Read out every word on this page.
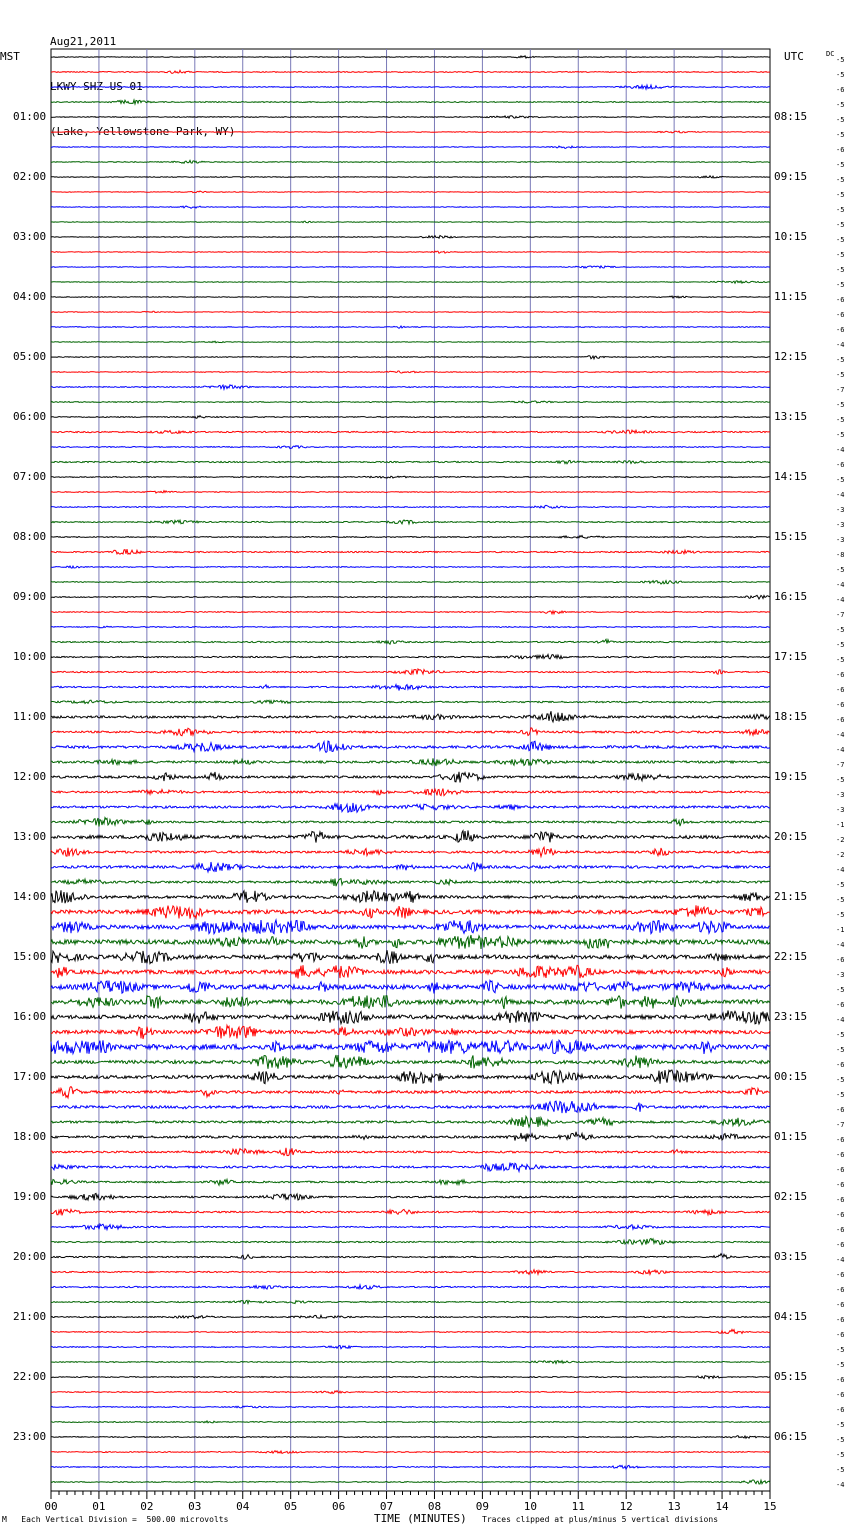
Aug21,2011

LKWY SHZ US 01

(Lake, Yellowstone Park, WY)

MST	UTC	DC
00	01	02	03	04	05	06	07	08	09	10	11	12	13	14	15
01:00
02:00
03:00
04:00
05:00
06:00
07:00
08:00
09:00
10:00
11:00
12:00
13:00
14:00
15:00
16:00
17:00
18:00
19:00
20:00
21:00
22:00
23:00
08:15
09:15
10:15
11:15
12:15
13:15
14:15
15:15
16:15
17:15
18:15
19:15
20:15
21:15
22:15
23:15
00:15
01:15
02:15
03:15
04:15
05:15
06:15
-5
-5
-6
-5
-5
-5
-6
-5
-5
-5
-5
-5
-5
-5
-5
-5
-6
-6
-6
-4
-5
-5
-7
-5
-5
-5
-4
-6
-5
-4
-3
-3
-3
-8
-5
-4
-4
-7
-5
-5
-5
-6
-6
-6
-6
-4
-4
-7
-5
-3
-3
-1
-2
-2
-4
-5
-5
-5
-1
-4
-6
-3
-5
-6
-4
-5
-5
-6
-5
-5
-6
-7
-6
-6
-6
-6
-6
-6
-6
-6
-4
-6
-6
-6
-6
-6
-5
-5
-6
-6
-6
-5
-5
-5
-5
-4
M Each Vertical Division =  500.00 microvolts	TIME (MINUTES) Traces clipped at plus/minus 5 vertical divisions
